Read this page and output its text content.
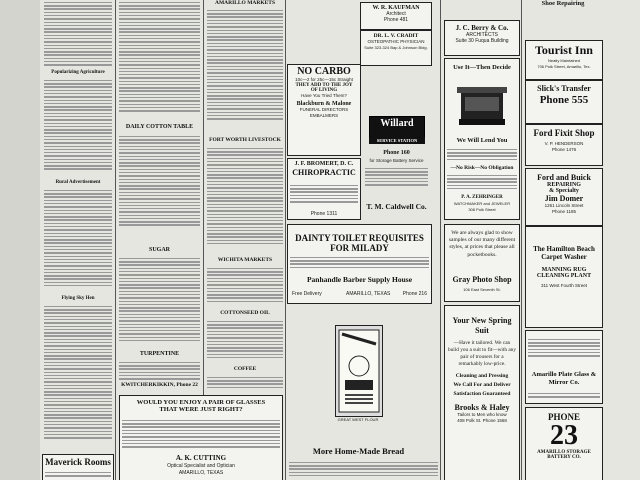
Popularizing Agriculture
Rural Advertisement
Flying Sky Hen
Maverick Rooms
DAILY COTTON TABLE
SUGAR
TURPENTINE
KWITCHERKIKKIN, Phone 22
AMARILLO MARKETS
FORT WORTH LIVESTOCK
WICHITA MARKETS
COTTONSEED OIL
COFFEE
WOULD YOU ENJOY A PAIR OF GLASSES
THAT WERE JUST RIGHT?
A. K. CUTTING
Optical Specialist and Optician
AMARILLO, TEXAS
W. R. KAUFMAN
Architect
Phone 481
DR. L. V. CRADIT
OSTEOPATHIC PHYSICIAN
Suite 323-324 Bap & Johnson Bldg.
NO CARBO
10c—2 for 25c—15c Straight
THEY ADD TO THE JOY
OF LIVING
Have You Tried Them?
Blackburn & Malone
FUNERAL DIRECTORS
EMBALMERS
J. F. BROMERT, D. C.
CHIROPRACTIC
Phone 1311
Willard
SERVICE STATION
Phone 160
for Storage Battery Service
T. M. Caldwell Co.
DAINTY TOILET REQUISITES
FOR MILADY
Panhandle Barber Supply House
Free Delivery	AMARILLO, TEXAS Phone 216
GREAT WEST FLOUR
More Home-Made Bread
J. C. Berry & Co.
ARCHITECTS
Suite 30 Fuqua Building
Use It—Then Decide
We Will Lend You
—No Risk—No Obligation
P. A. ZEHRINGER
WATCHMAKER and JEWELER
308 Polk Street
We are always glad to show samples of our many different styles, at prices that please all pocketbooks.
Gray Photo Shop
106 East Seventh St.
Your New Spring Suit
—Have it tailored. We can build you a suit to fit—with any pair of trousers for a remarkably low-price.
Cleaning and Pressing
We Call For and Deliver
Satisfaction Guaranteed
Brooks & Haley
Tailors to Men who know
408 Polk St. Phone 1568
Shoe Repairing
Tourist Inn
Neatly Maintained
706 Polk Street, Amarillo, Tex.
Slick's Transfer
Phone 555
Ford Fixit Shop
V. P. HENDERSON
Phone 1476
Ford and Buick
REPAIRING
& Specialty
Jim Domer
1261 Lincoln Street
Phone 1185
The Hamilton Beach
Carpet Washer
MANNING RUG
CLEANING PLANT
311 West Fourth Street
Amarillo Plate Glass & Mirror Co.
PHONE
23
AMARILLO STORAGE
BATTERY CO.
